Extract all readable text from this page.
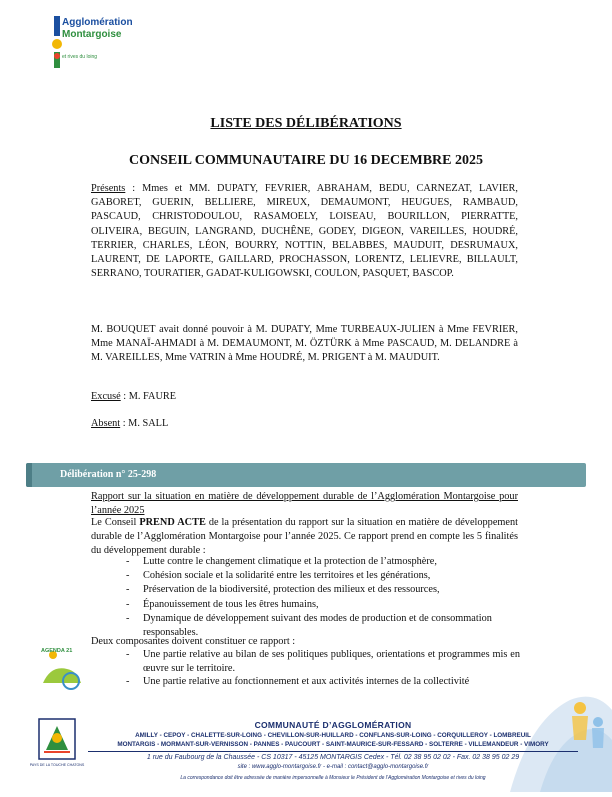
Agglomération
Montargoise
et rives du loing
LISTE DES DÉLIBÉRATIONS
CONSEIL COMMUNAUTAIRE DU 16 DECEMBRE 2025
Présents : Mmes et MM. DUPATY, FEVRIER, ABRAHAM, BEDU, CARNEZAT, LAVIER, GABORET, GUERIN, BELLIERE, MIREUX, DEMAUMONT, HEUGUES, RAMBAUD, PASCAUD, CHRISTODOULOU, RASAMOELY, LOISEAU, BOURILLON, PIERRATTE, OLIVEIRA, BEGUIN, LANGRAND, DUCHÊNE, GODEY, DIGEON, VAREILLES, HOUDRÉ, TERRIER, CHARLES, LÉON, BOURRY, NOTTIN, BELABBES, MAUDUIT, DESRUMAUX, LAURENT, DE LAPORTE, GAILLARD, PROCHASSON, LORENTZ, LELIEVRE, BILLAULT, SERRANO, TOURATIER, GADAT-KULIGOWSKI, COULON, PASQUET, BASCOP.
M. BOUQUET avait donné pouvoir à M. DUPATY, Mme TURBEAUX-JULIEN à Mme FEVRIER, Mme MANAÏ-AHMADI à M. DEMAUMONT, M. ÖZTÜRK à Mme PASCAUD, M. DELANDRE à M. VAREILLES, Mme VATRIN à Mme HOUDRÉ, M. PRIGENT à M. MAUDUIT.
Excusé : M. FAURE
Absent : M. SALL
Délibération n° 25-298
Rapport sur la situation en matière de développement durable de l’Agglomération Montargoise pour l’année 2025
Le Conseil PREND ACTE de la présentation du rapport sur la situation en matière de développement durable de l’Agglomération Montargoise pour l’année 2025. Ce rapport prend en compte les 5 finalités du développement durable :
- Lutte contre le changement climatique et la protection de l’atmosphère,
- Cohésion sociale et la solidarité entre les territoires et les générations,
- Préservation de la biodiversité, protection des milieux et des ressources,
- Épanouissement de tous les êtres humains,
- Dynamique de développement suivant des modes de production et de consommation responsables.
Deux composantes doivent constituer ce rapport :
- Une partie relative au bilan de ses politiques publiques, orientations et programmes mis en œuvre sur le territoire.
- Une partie relative au fonctionnement et aux activités internes de la collectivité
AGENDA 21
PAYS DE LA TOUCHE CHATONS
COMMUNAUTÉ D’AGGLOMÉRATION
AMILLY - CEPOY - CHALETTE-SUR-LOING - CHEVILLON-SUR-HUILLARD - CONFLANS-SUR-LOING - CORQUILLEROY - LOMBREUIL
MONTARGIS - MORMANT-SUR-VERNISSON - PANNES - PAUCOURT - SAINT-MAURICE-SUR-FESSARD - SOLTERRE - VILLEMANDEUR - VIMORY
1 rue du Faubourg de la Chaussée - CS 10317 - 45125 MONTARGIS Cedex - Tél. 02 38 95 02 02 - Fax. 02 38 95 02 29
site : www.agglo-montargoise.fr - e-mail : contact@agglo-montargoise.fr
La correspondance doit être adressée de manière impersonnelle à Monsieur le Président de l’Agglomération Montargoise et rives du loing
